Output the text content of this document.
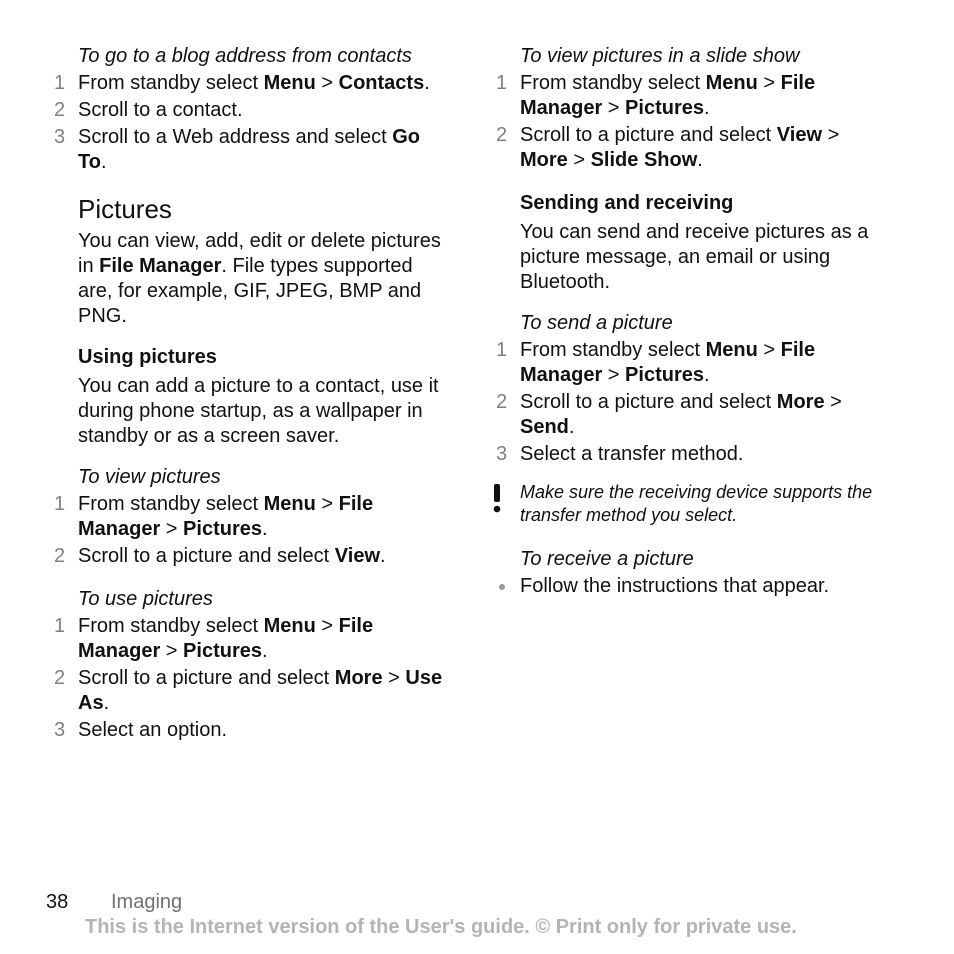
To go to a blog address from contacts
1 From standby select Menu > Contacts.
2 Scroll to a contact.
3 Scroll to a Web address and select Go To.
Pictures

You can view, add, edit or delete pictures in File Manager. File types supported are, for example, GIF, JPEG, BMP and PNG.

Using pictures

You can add a picture to a contact, use it during phone startup, as a wallpaper in standby or as a screen saver.

To view pictures
1 From standby select Menu > File Manager > Pictures.
2 Scroll to a picture and select View.
To use pictures
1 From standby select Menu > File Manager > Pictures.
2 Scroll to a picture and select More > Use As.
3 Select an option.
To view pictures in a slide show
1 From standby select Menu > File Manager > Pictures.
2 Scroll to a picture and select View > More > Slide Show.
Sending and receiving

You can send and receive pictures as a picture message, an email or using Bluetooth.

To send a picture
1 From standby select Menu > File Manager > Pictures.
2 Scroll to a picture and select More > Send.
3 Select a transfer method.
Make sure the receiving device supports the transfer method you select.
To receive a picture
Follow the instructions that appear.
38 Imaging
This is the Internet version of the User's guide. © Print only for private use.
